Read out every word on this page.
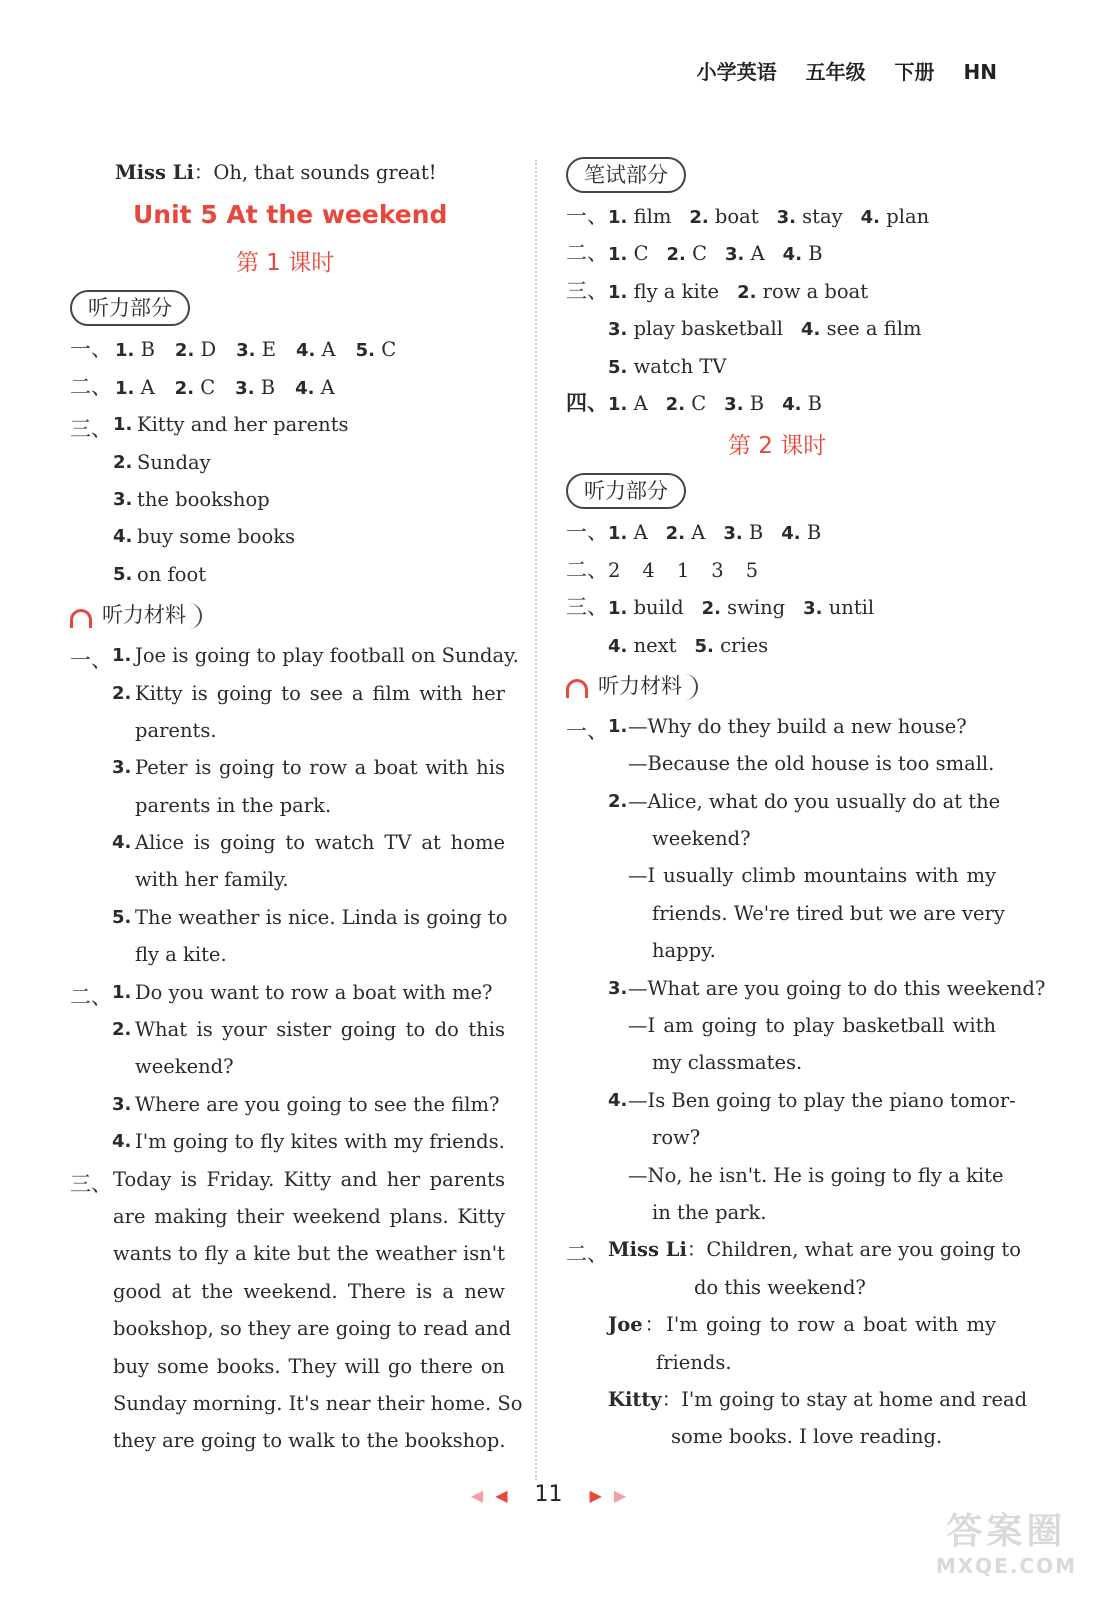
小学英语 五年级 下册 HN
Miss Li：Oh, that sounds great!
Unit 5 At the weekend
第 1 课时
听力部分
一、 1. B 2. D 3. E 4. A 5. C
二、 1. A 2. C 3. B 4. A
三、 1. Kitty and her parents
2. Sunday
3. the bookshop
4. buy some books
5. on foot
听力材料
一、 1. Joe is going to play football on Sunday.
2. Kitty is going to see a film with her
parents.
3. Peter is going to row a boat with his
parents in the park.
4. Alice is going to watch TV at home
with her family.
5. The weather is nice. Linda is going to
fly a kite.
二、 1. Do you want to row a boat with me?
2. What is your sister going to do this
weekend?
3. Where are you going to see the film?
4. I'm going to fly kites with my friends.
三、 Today is Friday. Kitty and her parents
are making their weekend plans. Kitty
wants to fly a kite but the weather isn't
good at the weekend. There is a new
bookshop, so they are going to read and
buy some books. They will go there on
Sunday morning. It's near their home. So
they are going to walk to the bookshop.
笔试部分
一、 1. film 2. boat 3. stay 4. plan
二、 1. C 2. C 3. A 4. B
三、 1. fly a kite 2. row a boat
3. play basketball 4. see a film
5. watch TV
四、 1. A 2. C 3. B 4. B
第 2 课时
听力部分
一、 1. A 2. A 3. B 4. B
二、 2 4 1 3 5
三、 1. build 2. swing 3. until
4. next 5. cries
听力材料
一、 1. —Why do they build a new house?
—Because the old house is too small.
2. —Alice, what do you usually do at the
weekend?
—I usually climb mountains with my
friends. We're tired but we are very
happy.
3. —What are you going to do this weekend?
—I am going to play basketball with
my classmates.
4. —Is Ben going to play the piano tomor-
row?
—No, he isn't. He is going to fly a kite
in the park.
二、 Miss Li：Children, what are you going to
do this weekend?
Joe：I'm going to row a boat with my
friends.
Kitty：I'm going to stay at home and read
some books. I love reading.
◀ ◀ 11 ▶ ▶
答案圈
MXQE.COM
